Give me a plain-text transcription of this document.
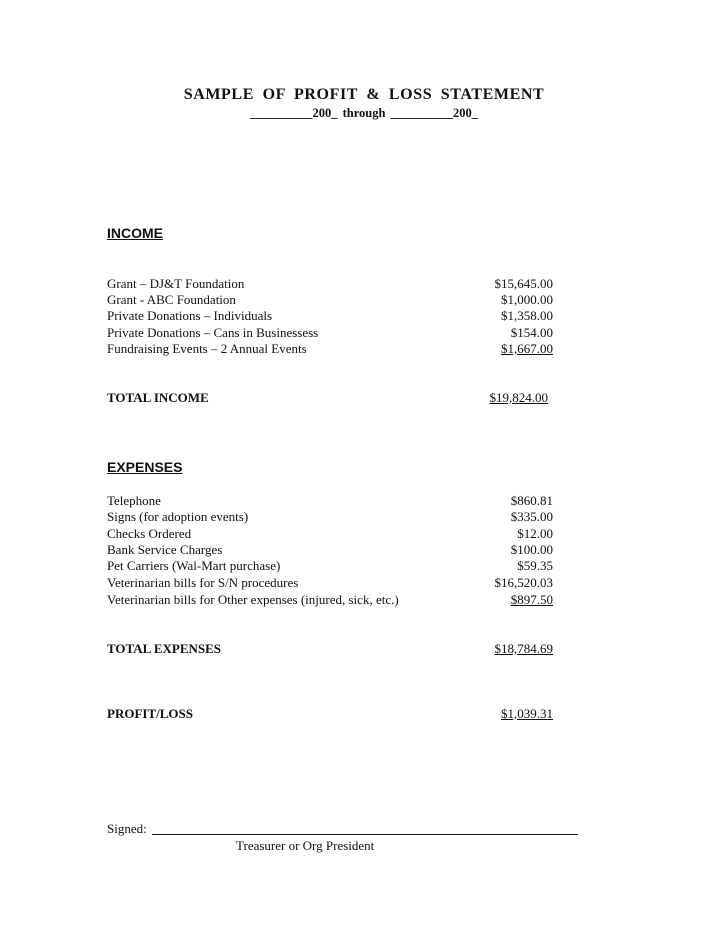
SAMPLE OF PROFIT & LOSS STATEMENT
__________200_ through __________200_
INCOME
Grant – DJ&T Foundation	$15,645.00
Grant - ABC Foundation	$1,000.00
Private Donations – Individuals	$1,358.00
Private Donations – Cans in Businessess	$154.00
Fundraising Events – 2 Annual Events	$1,667.00
TOTAL INCOME	$19,824.00
EXPENSES
Telephone	$860.81
Signs (for adoption events)	$335.00
Checks Ordered	$12.00
Bank Service Charges	$100.00
Pet Carriers (Wal-Mart purchase)	$59.35
Veterinarian bills for S/N procedures	$16,520.03
Veterinarian bills for Other expenses (injured, sick, etc.)	$897.50
TOTAL EXPENSES	$18,784.69
PROFIT/LOSS	$1,039.31
Signed:
Treasurer or Org President
